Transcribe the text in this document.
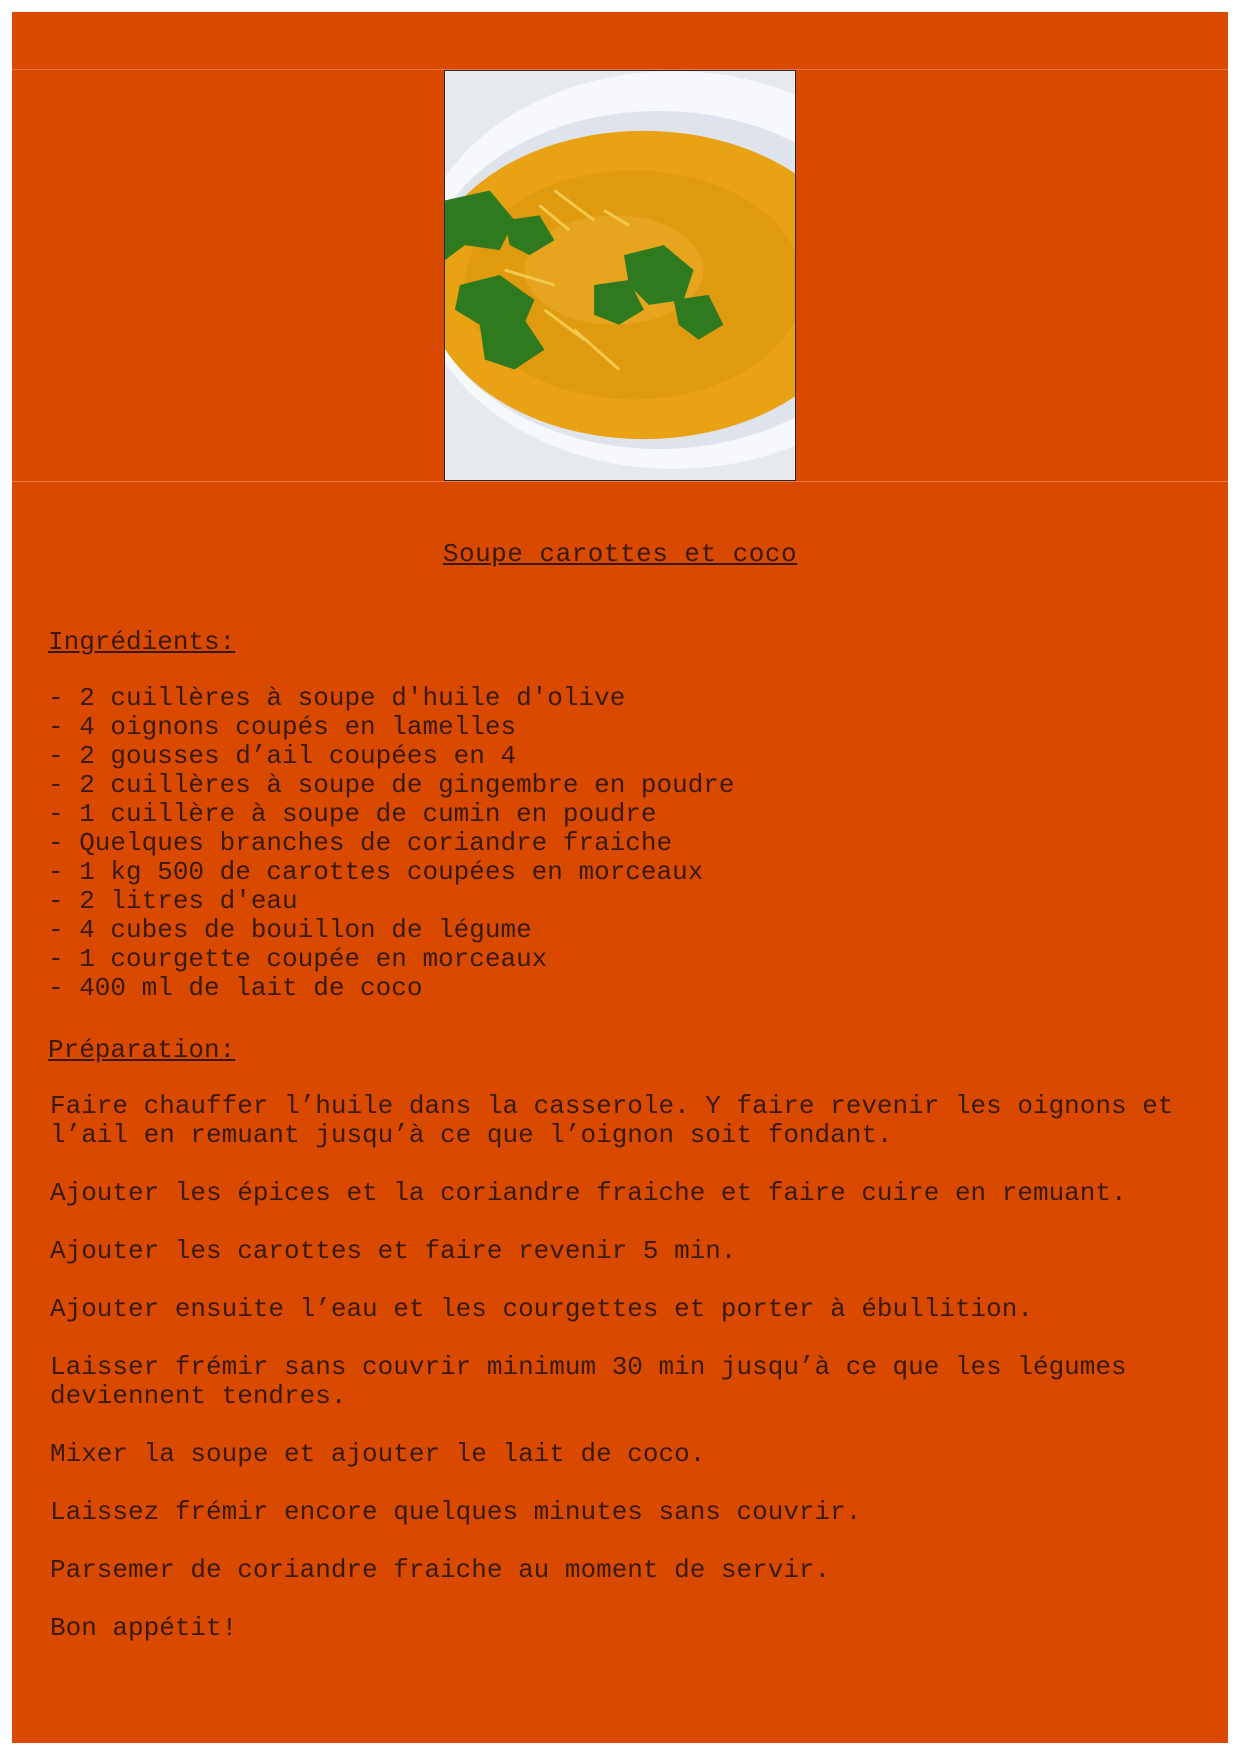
Soupe carottes et coco
Ingrédients:
- 2 cuillères à soupe d'huile d'olive
- 4 oignons coupés en lamelles
- 2 gousses d’ail coupées en 4
- 2 cuillères à soupe de gingembre en poudre
- 1 cuillère à soupe de cumin en poudre
- Quelques branches de coriandre fraiche
- 1 kg 500 de carottes coupées en morceaux
- 2 litres d'eau
- 4 cubes de bouillon de légume
- 1 courgette coupée en morceaux
- 400 ml de lait de coco
Préparation:

Faire chauffer l’huile dans la casserole. Y faire revenir les oignons et l’ail en remuant jusqu’à ce que l’oignon soit fondant.

Ajouter les épices et la coriandre fraiche et faire cuire en remuant.

Ajouter les carottes et faire revenir 5 min.

Ajouter ensuite l’eau et les courgettes et porter à ébullition.

Laisser frémir sans couvrir minimum 30 min jusqu’à ce que les légumes deviennent tendres.

Mixer la soupe et ajouter le lait de coco.

Laissez frémir encore quelques minutes sans couvrir.

Parsemer de coriandre fraiche au moment de servir.

Bon appétit!
